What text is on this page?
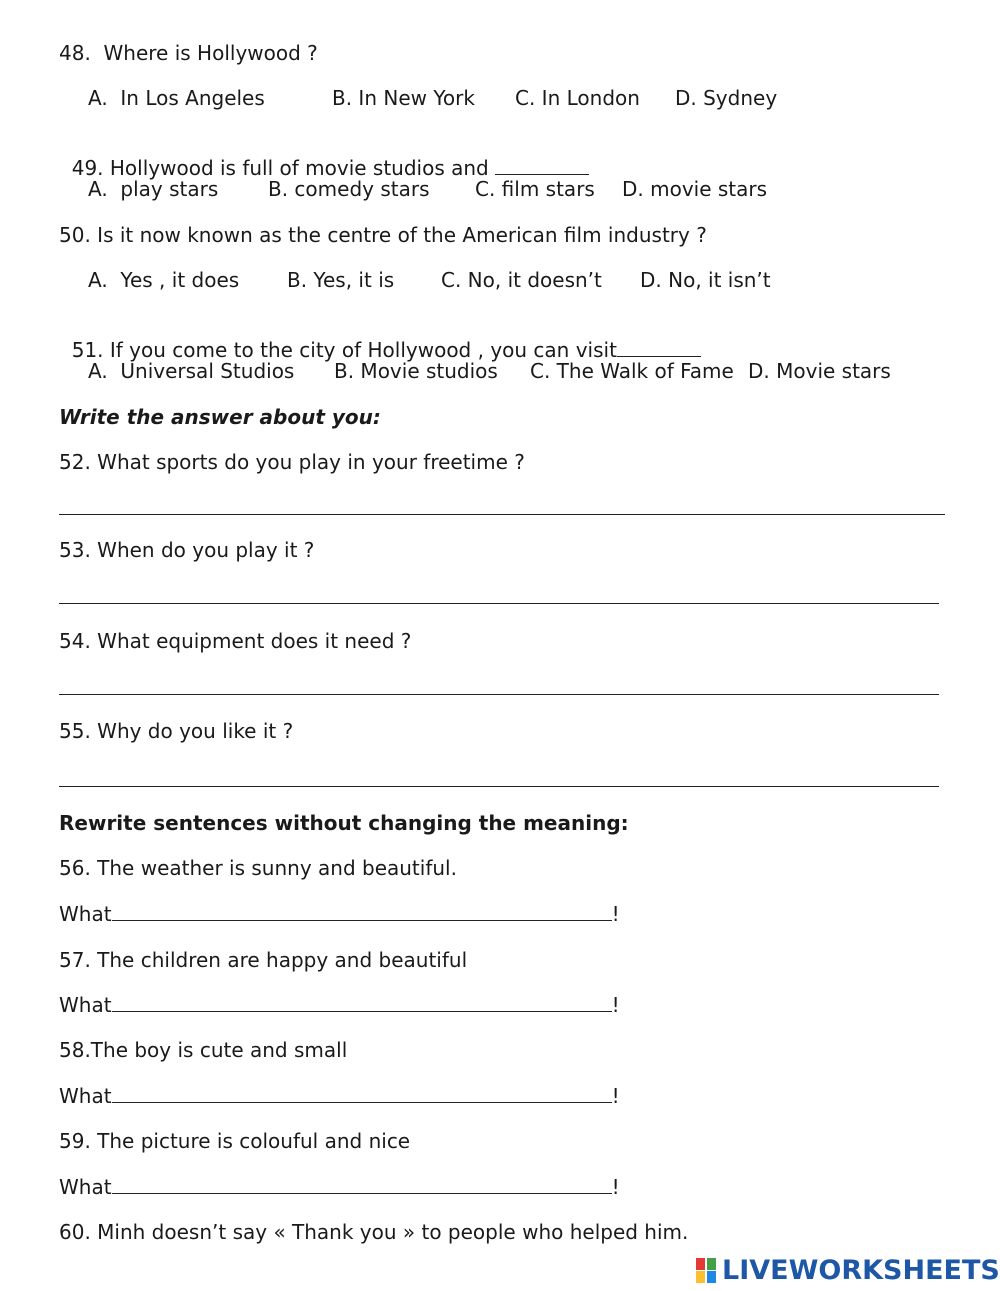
48.  Where is Hollywood ?
A.  In Los Angeles	B. In New York C. In London D. Sydney

49. Hollywood is full of movie studios and

A.  play stars B. comedy stars C. film stars D. movie stars
50. Is it now known as the centre of the American film industry ?
A.  Yes , it does B. Yes, it is C. No, it doesn’t D. No, it isn’t

51. If you come to the city of Hollywood , you can visit

A.  Universal Studios B. Movie studios C. The Walk of Fame D. Movie stars
Write the answer about you:
52. What sports do you play in your freetime ?
53. When do you play it ?
54. What equipment does it need ?
55. Why do you like it ?
Rewrite sentences without changing the meaning:
56. The weather is sunny and beautiful.
What	!
57. The children are happy and beautiful
What	!
58.The boy is cute and small
What	!
59. The picture is colouful and nice
What	!
60. Minh doesn’t say « Thank you » to people who helped him.
LIVEWORKSHEETS
